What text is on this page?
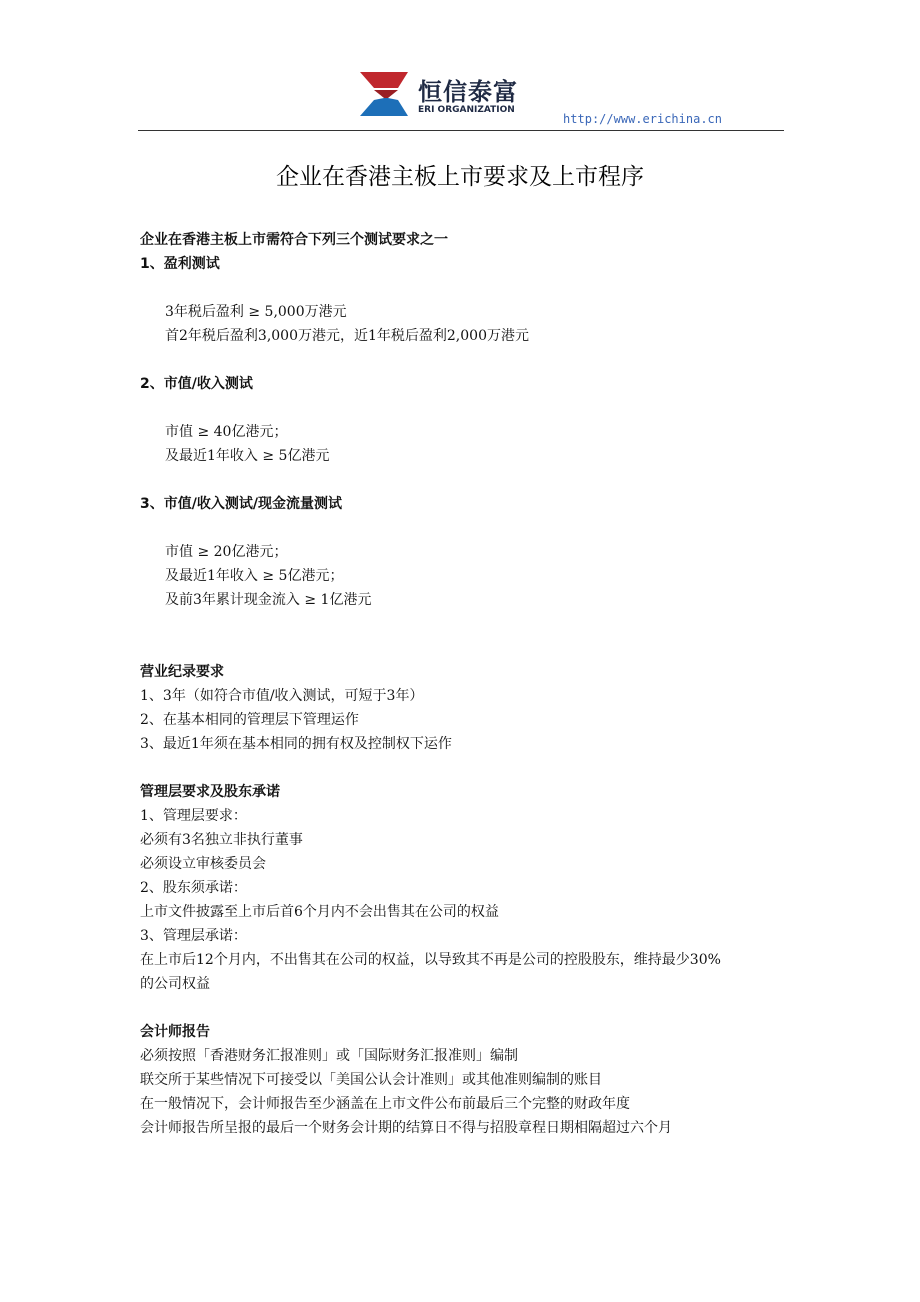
恒信泰富
ERI ORGANIZATION
http://www.erichina.cn
企业在香港主板上市要求及上市程序
企业在香港主板上市需符合下列三个测试要求之一
1、盈利测试
3年税后盈利 ≥ 5,000万港元
首2年税后盈利3,000万港元，近1年税后盈利2,000万港元
2、市值/收入测试
市值 ≥ 40亿港元；
及最近1年收入 ≥ 5亿港元
3、市值/收入测试/现金流量测试
市值 ≥ 20亿港元；
及最近1年收入 ≥ 5亿港元；
及前3年累计现金流入 ≥ 1亿港元
营业纪录要求
1、3年（如符合市值/收入测试，可短于3年）
2、在基本相同的管理层下管理运作
3、最近1年须在基本相同的拥有权及控制权下运作
管理层要求及股东承诺
1、管理层要求：
必须有3名独立非执行董事
必须设立审核委员会
2、股东须承诺：
上市文件披露至上市后首6个月内不会出售其在公司的权益
3、管理层承诺：
在上市后12个月内，不出售其在公司的权益，以导致其不再是公司的控股股东，维持最少30%
的公司权益
会计师报告
必须按照「香港财务汇报准则」或「国际财务汇报准则」编制
联交所于某些情况下可接受以「美国公认会计准则」或其他准则编制的账目
在一般情况下，会计师报告至少涵盖在上市文件公布前最后三个完整的财政年度
会计师报告所呈报的最后一个财务会计期的结算日不得与招股章程日期相隔超过六个月
